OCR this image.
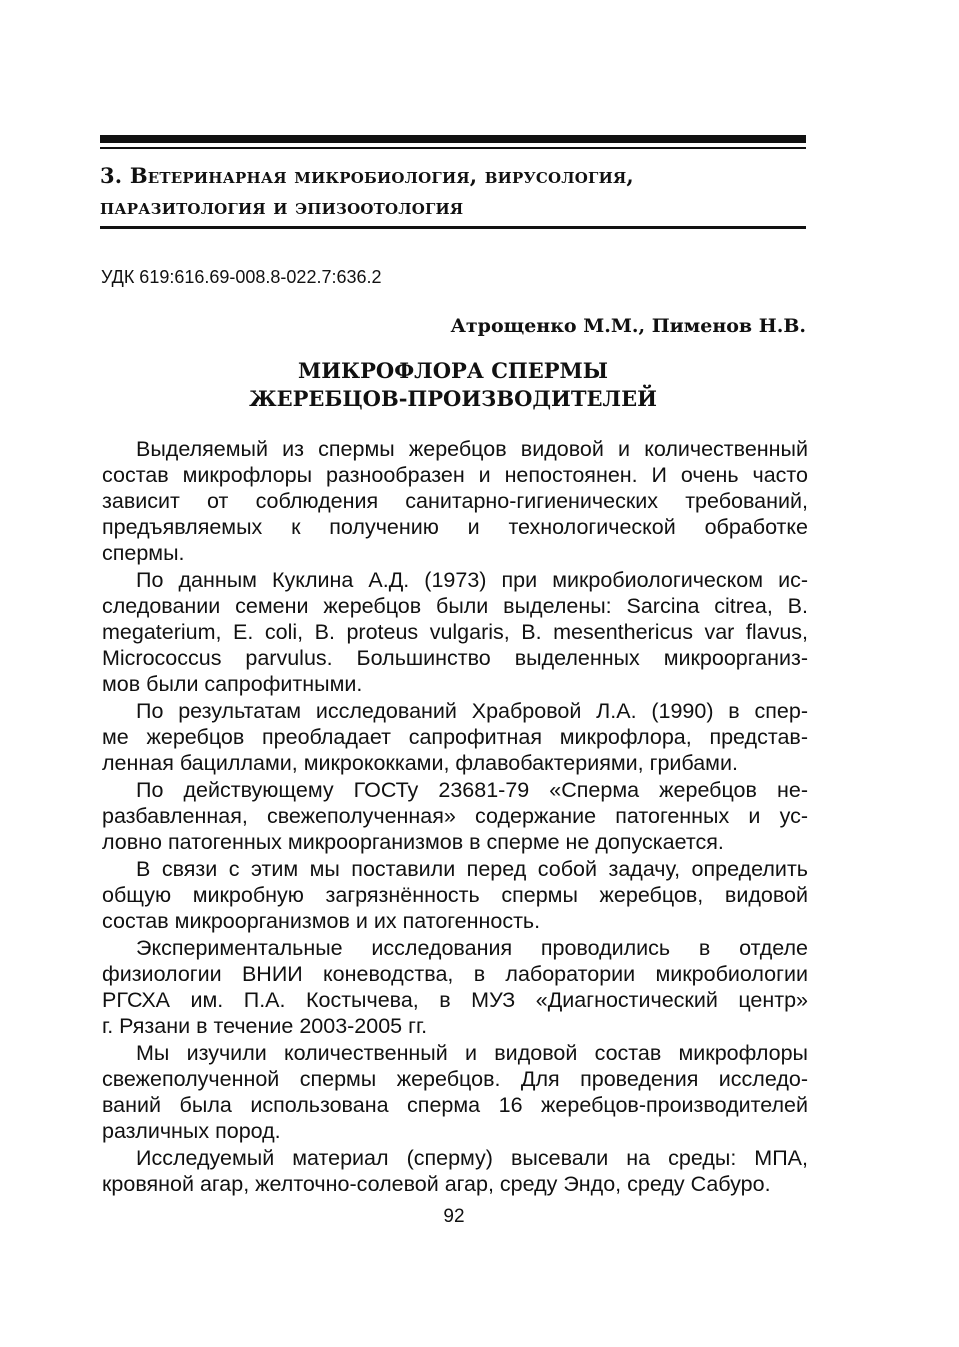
3. Ветеринарная микробиология, вирусология,
паразитология и эпизоотология
УДК 619:616.69-008.8-022.7:636.2
Атрощенко М.М., Пименов Н.В.
МИКРОФЛОРА СПЕРМЫ
ЖЕРЕБЦОВ-ПРОИЗВОДИТЕЛЕЙ
Выделяемый из спермы жеребцов видовой и количественный
состав микрофлоры разнообразен и непостоянен. И очень часто
зависит от соблюдения санитарно-гигиенических требований,
предъявляемых к получению и технологической обработке
спермы.
По данным Куклина А.Д. (1973) при микробиологическом ис-
следовании семени жеребцов были выделены: Sarcina citrea, B.
megaterium, E. coli, B. proteus vulgaris, B. mesenthericus var flavus,
Micrococcus parvulus. Большинство выделенных микроорганиз-
мов были сапрофитными.
По результатам исследований Храбровой Л.А. (1990) в спер-
ме жеребцов преобладает сапрофитная микрофлора, представ-
ленная бациллами, микрококками, флавобактериями, грибами.
По действующему ГОСТу 23681-79 «Сперма жеребцов не-
разбавленная, свежеполученная» содержание патогенных и ус-
ловно патогенных микроорганизмов в сперме не допускается.
В связи с этим мы поставили перед собой задачу, определить
общую микробную загрязнённость спермы жеребцов, видовой
состав микроорганизмов и их патогенность.
Экспериментальные исследования проводились в отделе
физиологии ВНИИ коневодства, в лаборатории микробиологии
РГСХА им. П.А. Костычева, в МУЗ «Диагностический центр»
г. Рязани в течение 2003-2005 гг.
Мы изучили количественный и видовой состав микрофлоры
свежеполученной спермы жеребцов. Для проведения исследо-
ваний была использована сперма 16 жеребцов-производителей
различных пород.
Исследуемый материал (сперму) высевали на среды: МПА,
кровяной агар, желточно-солевой агар, среду Эндо, среду Сабуро.
92
